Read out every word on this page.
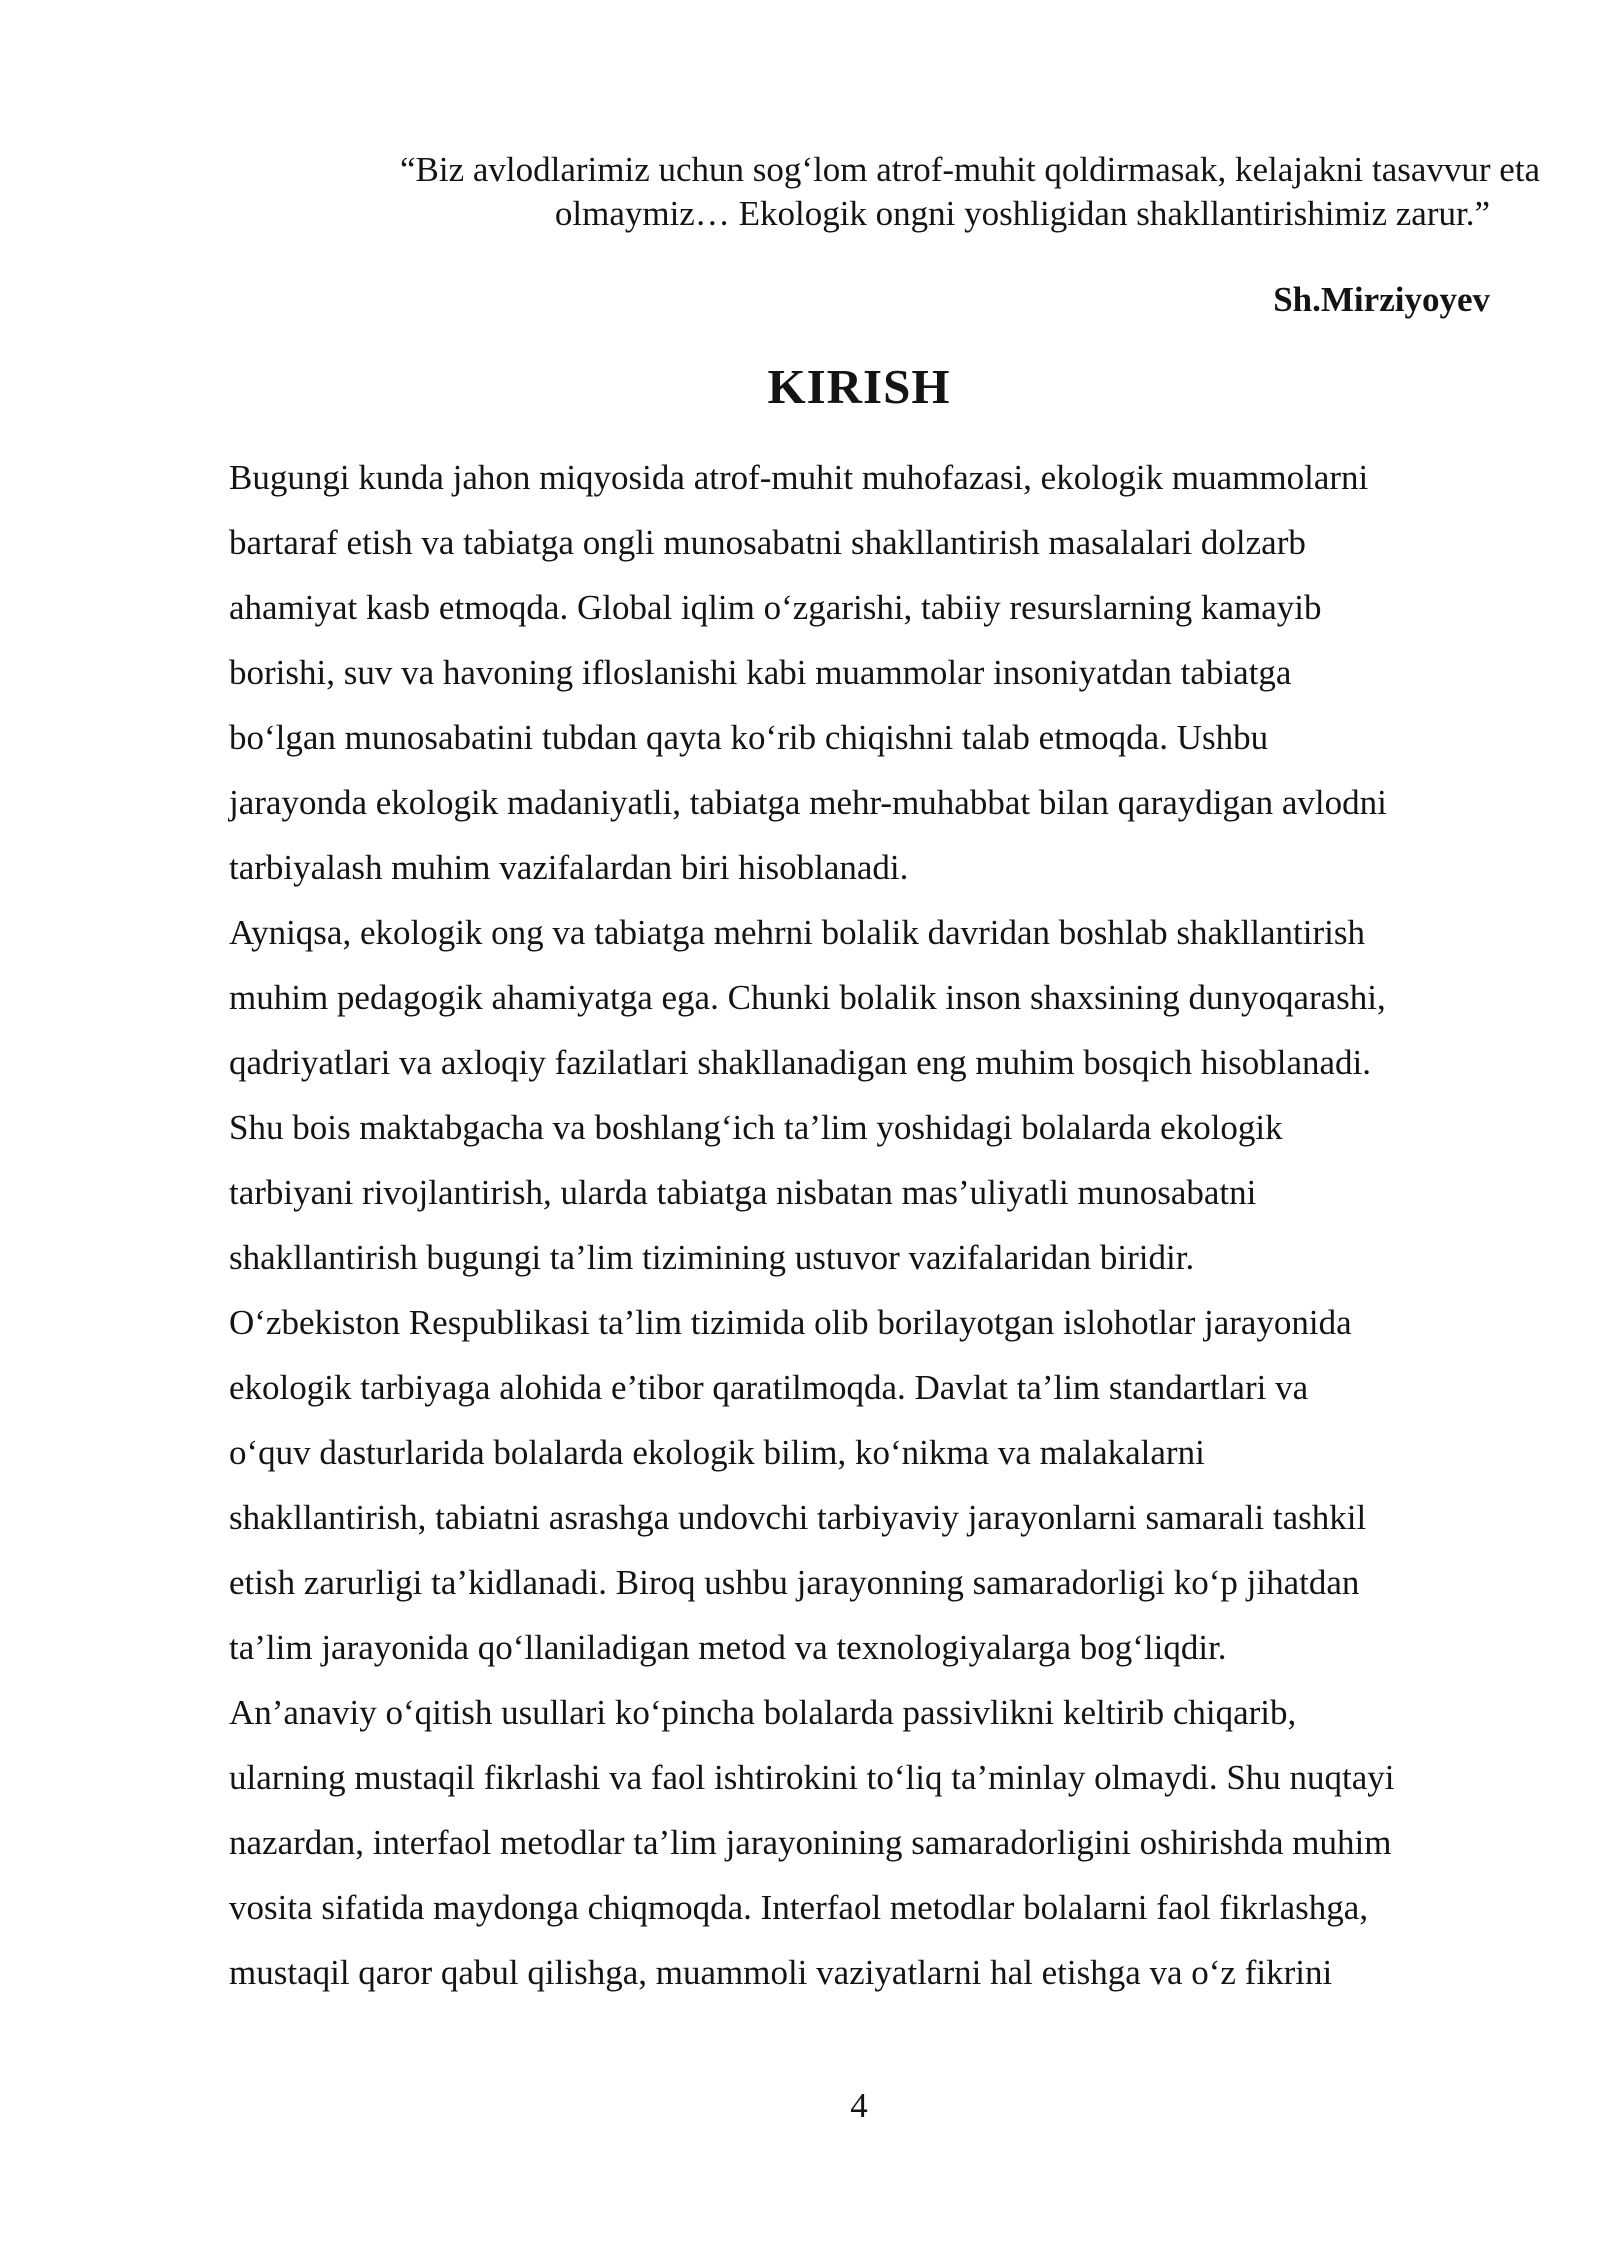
“Biz avlodlarimiz uchun sog‘lom atrof-muhit qoldirmasak, kelajakni tasavvur eta
olmaymiz… Ekologik ongni yoshligidan shakllantirishimiz zarur.”
Sh.Mirziyoyev
KIRISH
Bugungi kunda jahon miqyosida atrof-muhit muhofazasi, ekologik muammolarni
bartaraf etish va tabiatga ongli munosabatni shakllantirish masalalari dolzarb
ahamiyat kasb etmoqda. Global iqlim o‘zgarishi, tabiiy resurslarning kamayib
borishi, suv va havoning ifloslanishi kabi muammolar insoniyatdan tabiatga
bo‘lgan munosabatini tubdan qayta ko‘rib chiqishni talab etmoqda. Ushbu
jarayonda ekologik madaniyatli, tabiatga mehr-muhabbat bilan qaraydigan avlodni
tarbiyalash muhim vazifalardan biri hisoblanadi.
Ayniqsa, ekologik ong va tabiatga mehrni bolalik davridan boshlab shakllantirish
muhim pedagogik ahamiyatga ega. Chunki bolalik inson shaxsining dunyoqarashi,
qadriyatlari va axloqiy fazilatlari shakllanadigan eng muhim bosqich hisoblanadi.
Shu bois maktabgacha va boshlang‘ich ta’lim yoshidagi bolalarda ekologik
tarbiyani rivojlantirish, ularda tabiatga nisbatan mas’uliyatli munosabatni
shakllantirish bugungi ta’lim tizimining ustuvor vazifalaridan biridir.
O‘zbekiston Respublikasi ta’lim tizimida olib borilayotgan islohotlar jarayonida
ekologik tarbiyaga alohida e’tibor qaratilmoqda. Davlat ta’lim standartlari va
o‘quv dasturlarida bolalarda ekologik bilim, ko‘nikma va malakalarni
shakllantirish, tabiatni asrashga undovchi tarbiyaviy jarayonlarni samarali tashkil
etish zarurligi ta’kidlanadi. Biroq ushbu jarayonning samaradorligi ko‘p jihatdan
ta’lim jarayonida qo‘llaniladigan metod va texnologiyalarga bog‘liqdir.
An’anaviy o‘qitish usullari ko‘pincha bolalarda passivlikni keltirib chiqarib,
ularning mustaqil fikrlashi va faol ishtirokini to‘liq ta’minlay olmaydi. Shu nuqtayi
nazardan, interfaol metodlar ta’lim jarayonining samaradorligini oshirishda muhim
vosita sifatida maydonga chiqmoqda. Interfaol metodlar bolalarni faol fikrlashga,
mustaqil qaror qabul qilishga, muammoli vaziyatlarni hal etishga va o‘z fikrini
4
